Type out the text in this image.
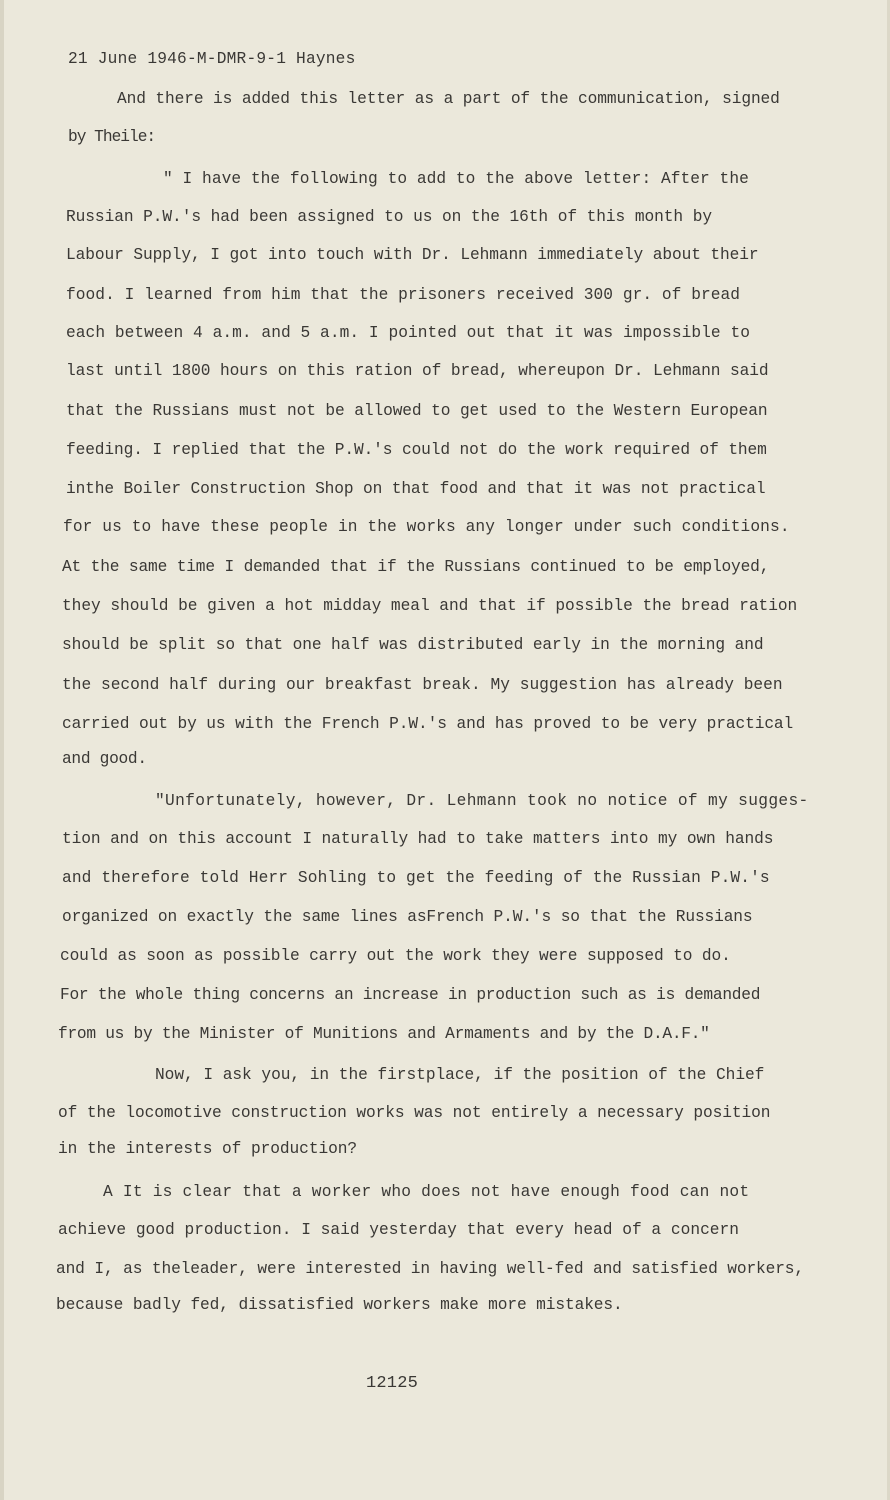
21 June 1946-M-DMR-9-1 Haynes
And there is added this letter as a part of the communication, signed
by Theile:
" I have the following to add to the above letter: After the
Russian P.W.'s had been assigned to us on the 16th of this month by
Labour Supply, I got into touch with Dr. Lehmann immediately about their
food. I learned from him that the prisoners received 300 gr. of bread
each between 4 a.m. and 5 a.m. I pointed out that it was impossible to
last until 1800 hours on this ration of bread, whereupon Dr. Lehmann said
that the Russians must not be allowed to get used to the Western European
feeding. I replied that the P.W.'s could not do the work required of them
inthe Boiler Construction Shop on that food and that it was not practical
for us to have these people in the works any longer under such conditions.
At the same time I demanded that if the Russians continued to be employed,
they should be given a hot midday meal and that if possible the bread ration
should be split so that one half was distributed early in the morning and
the second half during our breakfast break. My suggestion has already been
carried out by us with the French P.W.'s and has proved to be very practical
and good.
"Unfortunately, however, Dr. Lehmann took no notice of my sugges-
tion and on this account I naturally had to take matters into my own hands
and therefore told Herr Sohling to get the feeding of the Russian P.W.'s
organized on exactly the same lines asFrench P.W.'s so that the Russians
could as soon as possible carry out the work they were supposed to do.
For the whole thing concerns an increase in production such as is demanded
from us by the Minister of Munitions and Armaments and by the D.A.F."
Now, I ask you, in the firstplace, if the position of the Chief
of the locomotive construction works was not entirely a necessary position
in the interests of production?
A It is clear that a worker who does not have enough food can not
achieve good production. I said yesterday that every head of a concern
and I, as theleader, were interested in having well-fed and satisfied workers,
because badly fed, dissatisfied workers make more mistakes.
12125
